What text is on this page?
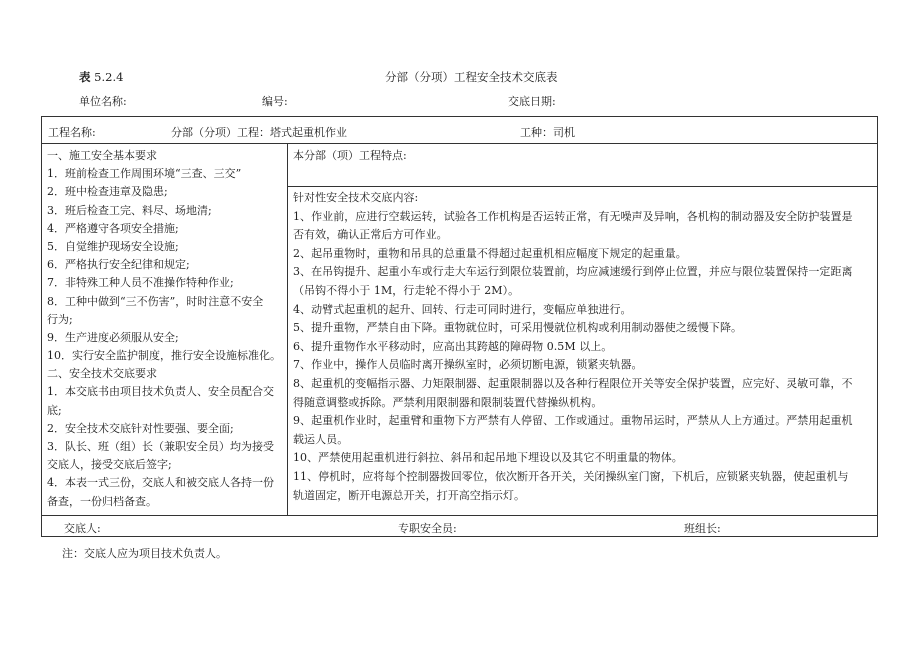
表 5.2.4	分部（分项）工程安全技术交底表
单位名称:	编号:	交底日期:
工程名称:	分部（分项）工程：塔式起重机作业	工种：司机
一、施工安全基本要求
1．班前检查工作周围环境“三查、三交”
2．班中检查违章及隐患;
3．班后检查工完、料尽、场地清;
4．严格遵守各项安全措施;
5．自觉维护现场安全设施;
6．严格执行安全纪律和规定;
7．非特殊工种人员不准操作特种作业;
8．工种中做到“三不伤害”，时时注意不安全
行为;
9．生产进度必须服从安全;
10．实行安全监护制度，推行安全设施标准化。
二、安全技术交底要求
1．本交底书由项目技术负责人、安全员配合交
底;
2．安全技术交底针对性要强、要全面;
3．队长、班（组）长（兼职安全员）均为接受
交底人，接受交底后签字;
4．本表一式三份，交底人和被交底人各持一份
备查，一份归档备查。
本分部（项）工程特点:
针对性安全技术交底内容:
1、作业前，应进行空载运转，试验各工作机构是否运转正常，有无噪声及异响，各机构的制动器及安全防护装置是
否有效，确认正常后方可作业。
2、起吊重物时，重物和吊具的总重量不得超过起重机相应幅度下规定的起重量。
3、在吊钩提升、起重小车或行走大车运行到限位装置前，均应减速缓行到停止位置，并应与限位装置保持一定距离
（吊钩不得小于 1M，行走轮不得小于 2M）。
4、动臂式起重机的起升、回转、行走可同时进行，变幅应单独进行。
5、提升重物，严禁自由下降。重物就位时，可采用慢就位机构或利用制动器使之缓慢下降。
6、提升重物作水平移动时，应高出其跨越的障碍物 0.5M 以上。
7、作业中，操作人员临时离开操纵室时，必须切断电源，锁紧夹轨器。
8、起重机的变幅指示器、力矩限制器、起重限制器以及各种行程限位开关等安全保护装置，应完好、灵敏可靠，不
得随意调整或拆除。严禁利用限制器和限制装置代替操纵机构。
9、起重机作业时，起重臂和重物下方严禁有人停留、工作或通过。重物吊运时，严禁从人上方通过。严禁用起重机
载运人员。
10、严禁使用起重机进行斜拉、斜吊和起吊地下埋设以及其它不明重量的物体。
11、停机时，应将每个控制器拨回零位，依次断开各开关，关闭操纵室门窗，下机后，应锁紧夹轨器，使起重机与
轨道固定，断开电源总开关，打开高空指示灯。
交底人:	专职安全员:	班组长:
注：交底人应为项目技术负责人。
